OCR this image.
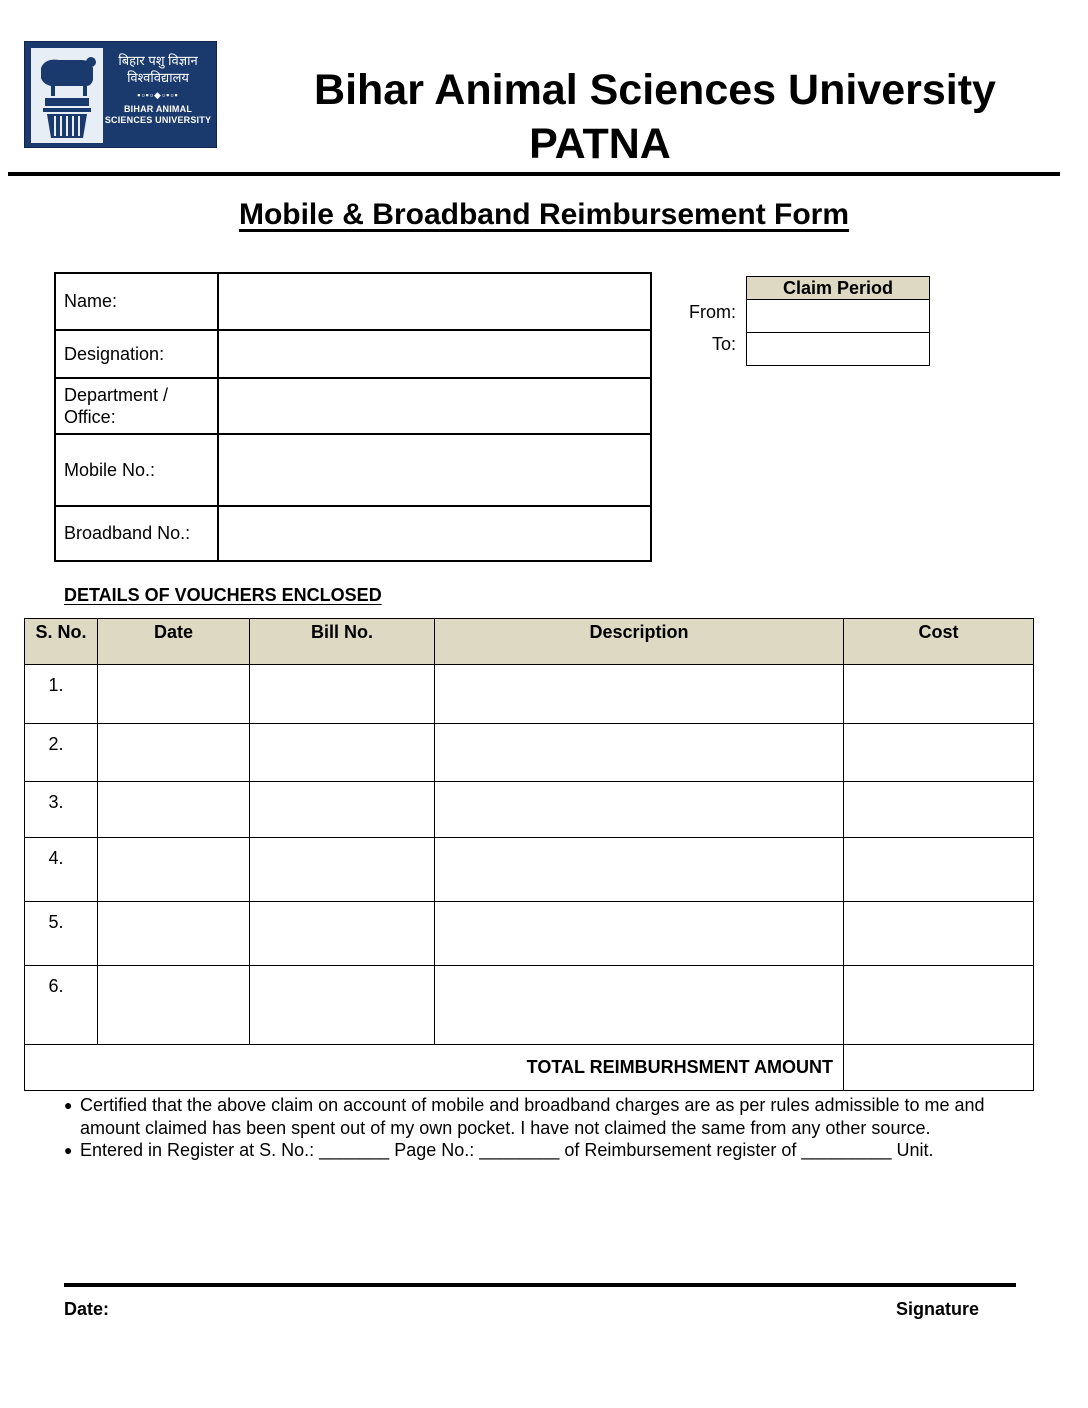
बिहार पशु विज्ञान
विश्वविद्यालय
▪▫▪▫◆▫▪▫▪
BIHAR ANIMAL SCIENCES UNIVERSITY
Bihar Animal Sciences University
PATNA
Mobile & Broadband Reimbursement Form
Name:	
Designation:	
Department / Office:	
Mobile No.:	
Broadband No.:	
From:
To:
Claim Period

DETAILS OF VOUCHERS ENCLOSED
S. No.	Date	Bill No.	Description	Cost
1.				
2.				
3.				
4.				
5.				
6.				
TOTAL REIMBURHSMENT AMOUNT				
● Certified that the above claim on account of mobile and broadband charges are as per rules admissible to me and amount claimed has been spent out of my own pocket. I have not claimed the same from any other source.
● Entered in Register at S. No.: _______ Page No.: ________ of Reimbursement register of _________ Unit.
Date:	Signature
